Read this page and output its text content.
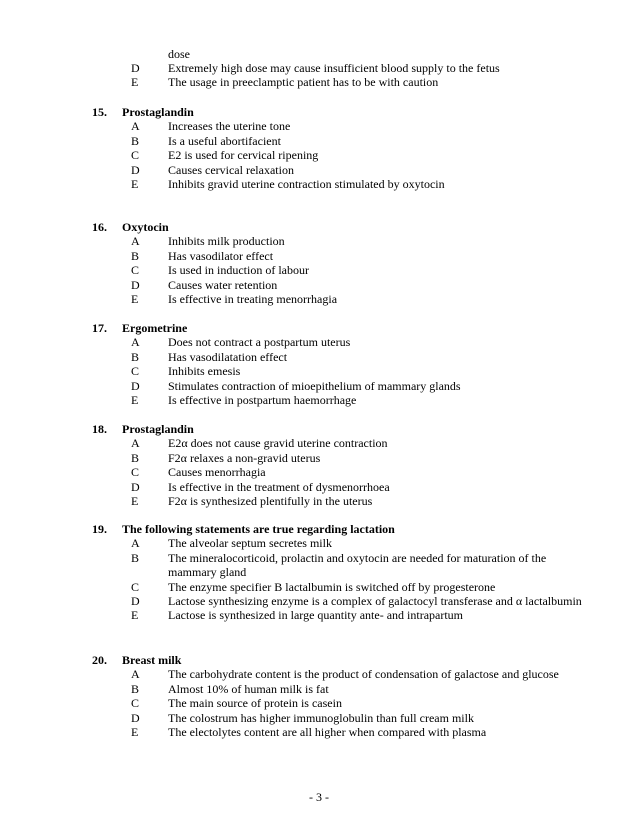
dose
D Extremely high dose may cause insufficient blood supply to the fetus
E The usage in preeclamptic patient has to be with caution
15. Prostaglandin
A Increases the uterine tone
B Is a useful abortifacient
C E2 is used for cervical ripening
D Causes cervical relaxation
E Inhibits gravid uterine contraction stimulated by oxytocin
16. Oxytocin
A Inhibits milk production
B Has vasodilator effect
C Is used in induction of labour
D Causes water retention
E Is effective in treating menorrhagia
17. Ergometrine
A Does not contract a postpartum uterus
B Has vasodilatation effect
C Inhibits emesis
D Stimulates contraction of mioepithelium of mammary glands
E Is effective in postpartum haemorrhage
18. Prostaglandin
A E2α does not cause gravid uterine contraction
B F2α relaxes a non-gravid uterus
C Causes menorrhagia
D Is effective in the treatment of dysmenorrhoea
E F2α is synthesized plentifully in the uterus
19. The following statements are true regarding lactation
A The alveolar septum secretes milk
B The mineralocorticoid, prolactin and oxytocin are needed for maturation of the mammary gland
C The enzyme specifier B lactalbumin is switched off by progesterone
D Lactose synthesizing enzyme is a complex of galactocyl transferase and α lactalbumin
E Lactose is synthesized in large quantity ante- and intrapartum
20. Breast milk
A The carbohydrate content is the product of condensation of galactose and glucose
B Almost 10% of human milk is fat
C The main source of protein is casein
D The colostrum has higher immunoglobulin than full cream milk
E The electolytes content are all higher when compared with plasma
- 3 -
